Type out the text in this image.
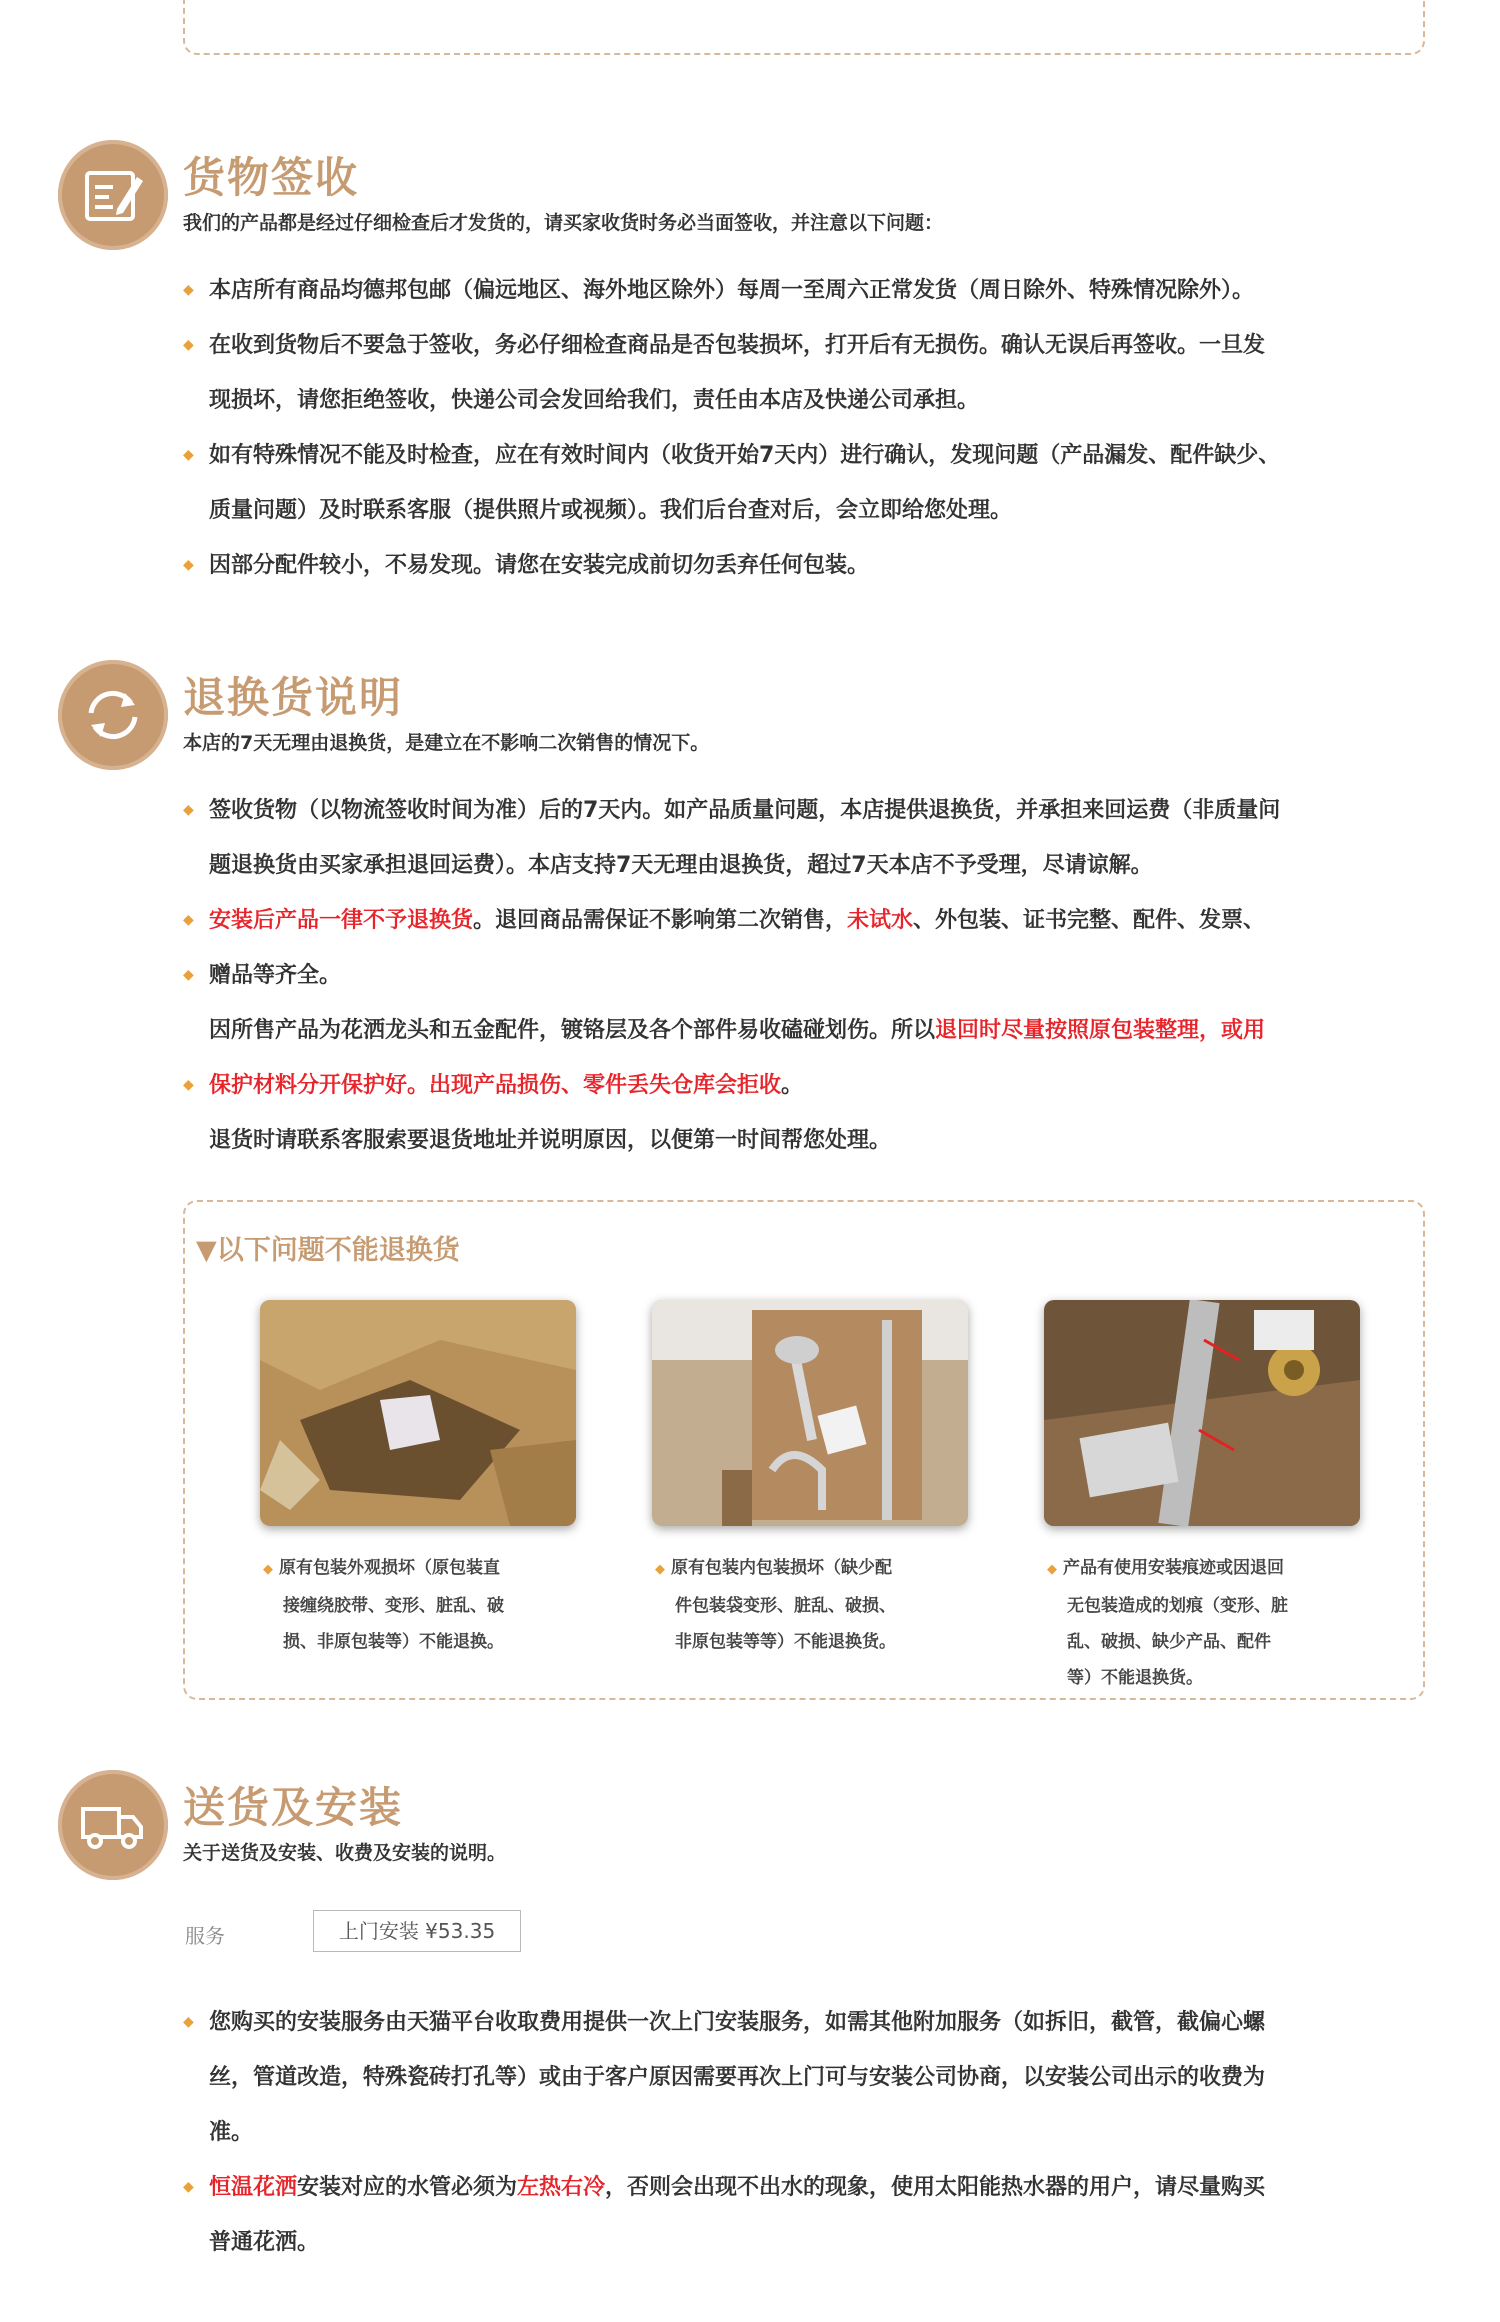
货物签收
我们的产品都是经过仔细检查后才发货的，请买家收货时务必当面签收，并注意以下问题：
◆ 本店所有商品均德邦包邮（偏远地区、海外地区除外）每周一至周六正常发货（周日除外、特殊情况除外）。
◆ 在收到货物后不要急于签收，务必仔细检查商品是否包装损坏，打开后有无损伤。确认无误后再签收。一旦发
现损坏，请您拒绝签收，快递公司会发回给我们，责任由本店及快递公司承担。
◆ 如有特殊情况不能及时检查，应在有效时间内（收货开始7天内）进行确认，发现问题（产品漏发、配件缺少、
质量问题）及时联系客服（提供照片或视频）。我们后台查对后，会立即给您处理。
◆ 因部分配件较小，不易发现。请您在安装完成前切勿丢弃任何包装。
退换货说明
本店的7天无理由退换货，是建立在不影响二次销售的情况下。
◆ 签收货物（以物流签收时间为准）后的7天内。如产品质量问题，本店提供退换货，并承担来回运费（非质量问
题退换货由买家承担退回运费）。本店支持7天无理由退换货，超过7天本店不予受理，尽请谅解。
◆ 安装后产品一律不予退换货。退回商品需保证不影响第二次销售，未试水、外包装、证书完整、配件、发票、
◆ 赠品等齐全。
因所售产品为花洒龙头和五金配件，镀铬层及各个部件易收磕碰划伤。所以退回时尽量按照原包装整理，或用
◆ 保护材料分开保护好。出现产品损伤、零件丢失仓库会拒收。
退货时请联系客服索要退货地址并说明原因，以便第一时间帮您处理。
▼以下问题不能退换货
◆ 原有包装外观损坏（原包装直
接缠绕胶带、变形、脏乱、破
损、非原包装等）不能退换。
◆ 原有包装内包装损坏（缺少配
件包装袋变形、脏乱、破损、
非原包装等等）不能退换货。
◆ 产品有使用安装痕迹或因退回
无包装造成的划痕（变形、脏
乱、破损、缺少产品、配件
等）不能退换货。
送货及安装
关于送货及安装、收费及安装的说明。
服务	上门安装 ¥53.35
◆ 您购买的安装服务由天猫平台收取费用提供一次上门安装服务，如需其他附加服务（如拆旧，截管，截偏心螺
丝，管道改造，特殊瓷砖打孔等）或由于客户原因需要再次上门可与安装公司协商，以安装公司出示的收费为
准。
◆ 恒温花洒安装对应的水管必须为左热右冷，否则会出现不出水的现象，使用太阳能热水器的用户，请尽量购买
普通花洒。
